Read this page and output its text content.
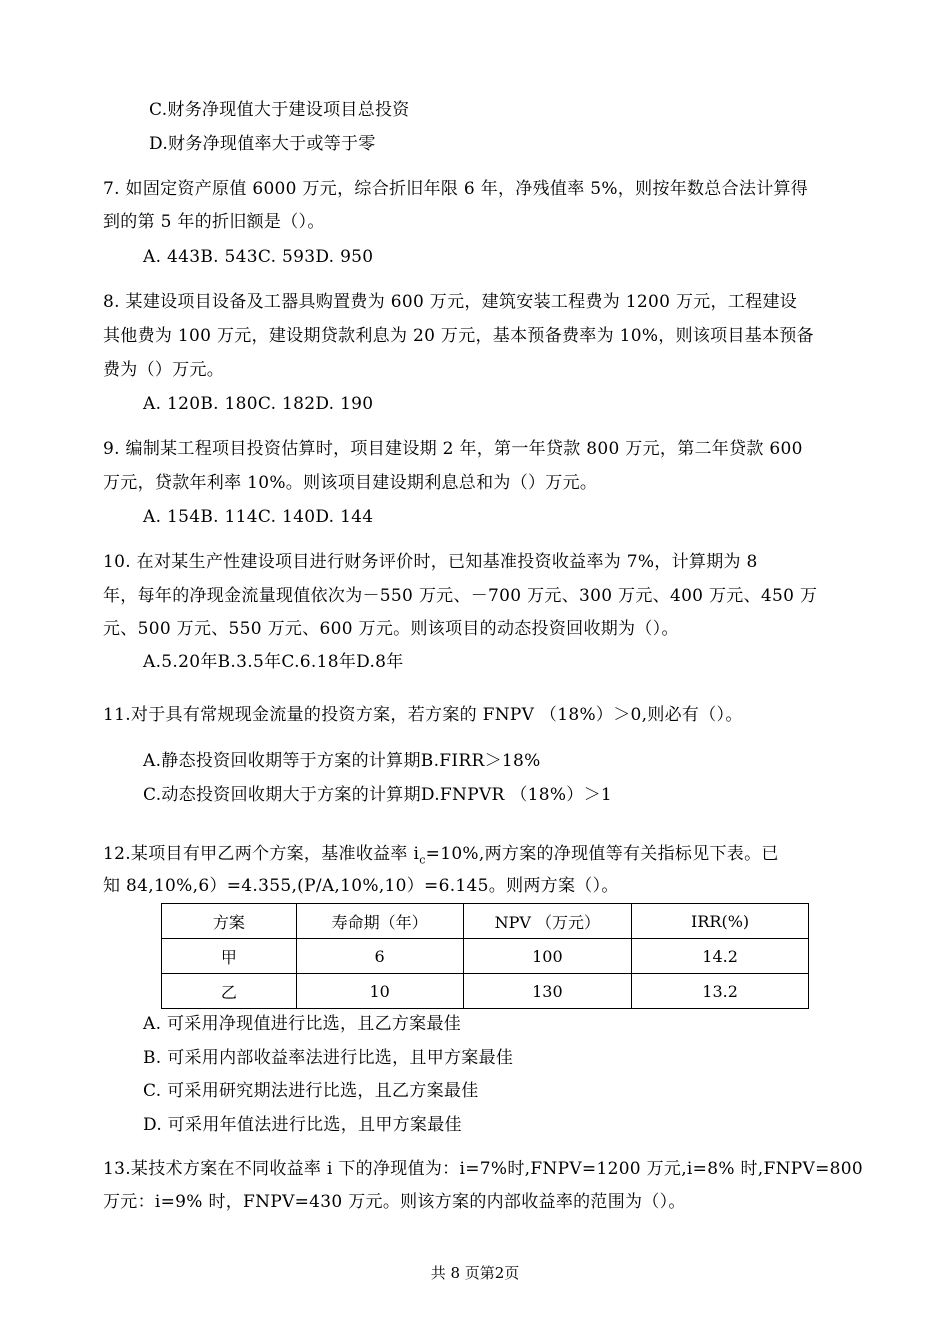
C.财务净现值大于建设项目总投资
D.财务净现值率大于或等于零
7. 如固定资产原值 6000 万元，综合折旧年限 6 年，净残值率 5%，则按年数总合法计算得
到的第 5 年的折旧额是（）。
A. 443B. 543C. 593D. 950
8. 某建设项目设备及工器具购置费为 600 万元，建筑安装工程费为 1200 万元，工程建设
其他费为 100 万元，建设期贷款利息为 20 万元，基本预备费率为 10%，则该项目基本预备
费为（）万元。
A. 120B. 180C. 182D. 190
9. 编制某工程项目投资估算时，项目建设期 2 年，第一年贷款 800 万元，第二年贷款 600
万元，贷款年利率 10%。则该项目建设期利息总和为（）万元。
A. 154B. 114C. 140D. 144
10. 在对某生产性建设项目进行财务评价时，已知基准投资收益率为 7%，计算期为 8
年，每年的净现金流量现值依次为－550 万元、－700 万元、300 万元、400 万元、450 万
元、500 万元、550 万元、600 万元。则该项目的动态投资回收期为（）。
A.5.20年B.3.5年C.6.18年D.8年
11.对于具有常规现金流量的投资方案，若方案的 FNPV （18%）＞0,则必有（）。
A.静态投资回收期等于方案的计算期B.FIRR＞18%
C.动态投资回收期大于方案的计算期D.FNPVR （18%）＞1
12.某项目有甲乙两个方案，基准收益率 $i_c=10\%$,两方案的净现值等有关指标见下表。已
知 84,10%,6）=4.355,(P/A,10%,10）=6.145。则两方案（）。
方案	寿命期（年）	NPV （万元）	IRR(%)
甲	6	100	14.2
乙	10	130	13.2
A. 可采用净现值进行比选，且乙方案最佳
B. 可采用内部收益率法进行比选，且甲方案最佳
C. 可采用研究期法进行比选，且乙方案最佳
D. 可采用年值法进行比选，且甲方案最佳
13.某技术方案在不同收益率 i 下的净现值为：i=7%时,FNPV=1200 万元,i=8% 时,FNPV=800
万元：i=9% 时，FNPV=430 万元。则该方案的内部收益率的范围为（）。
共 8 页第2页
